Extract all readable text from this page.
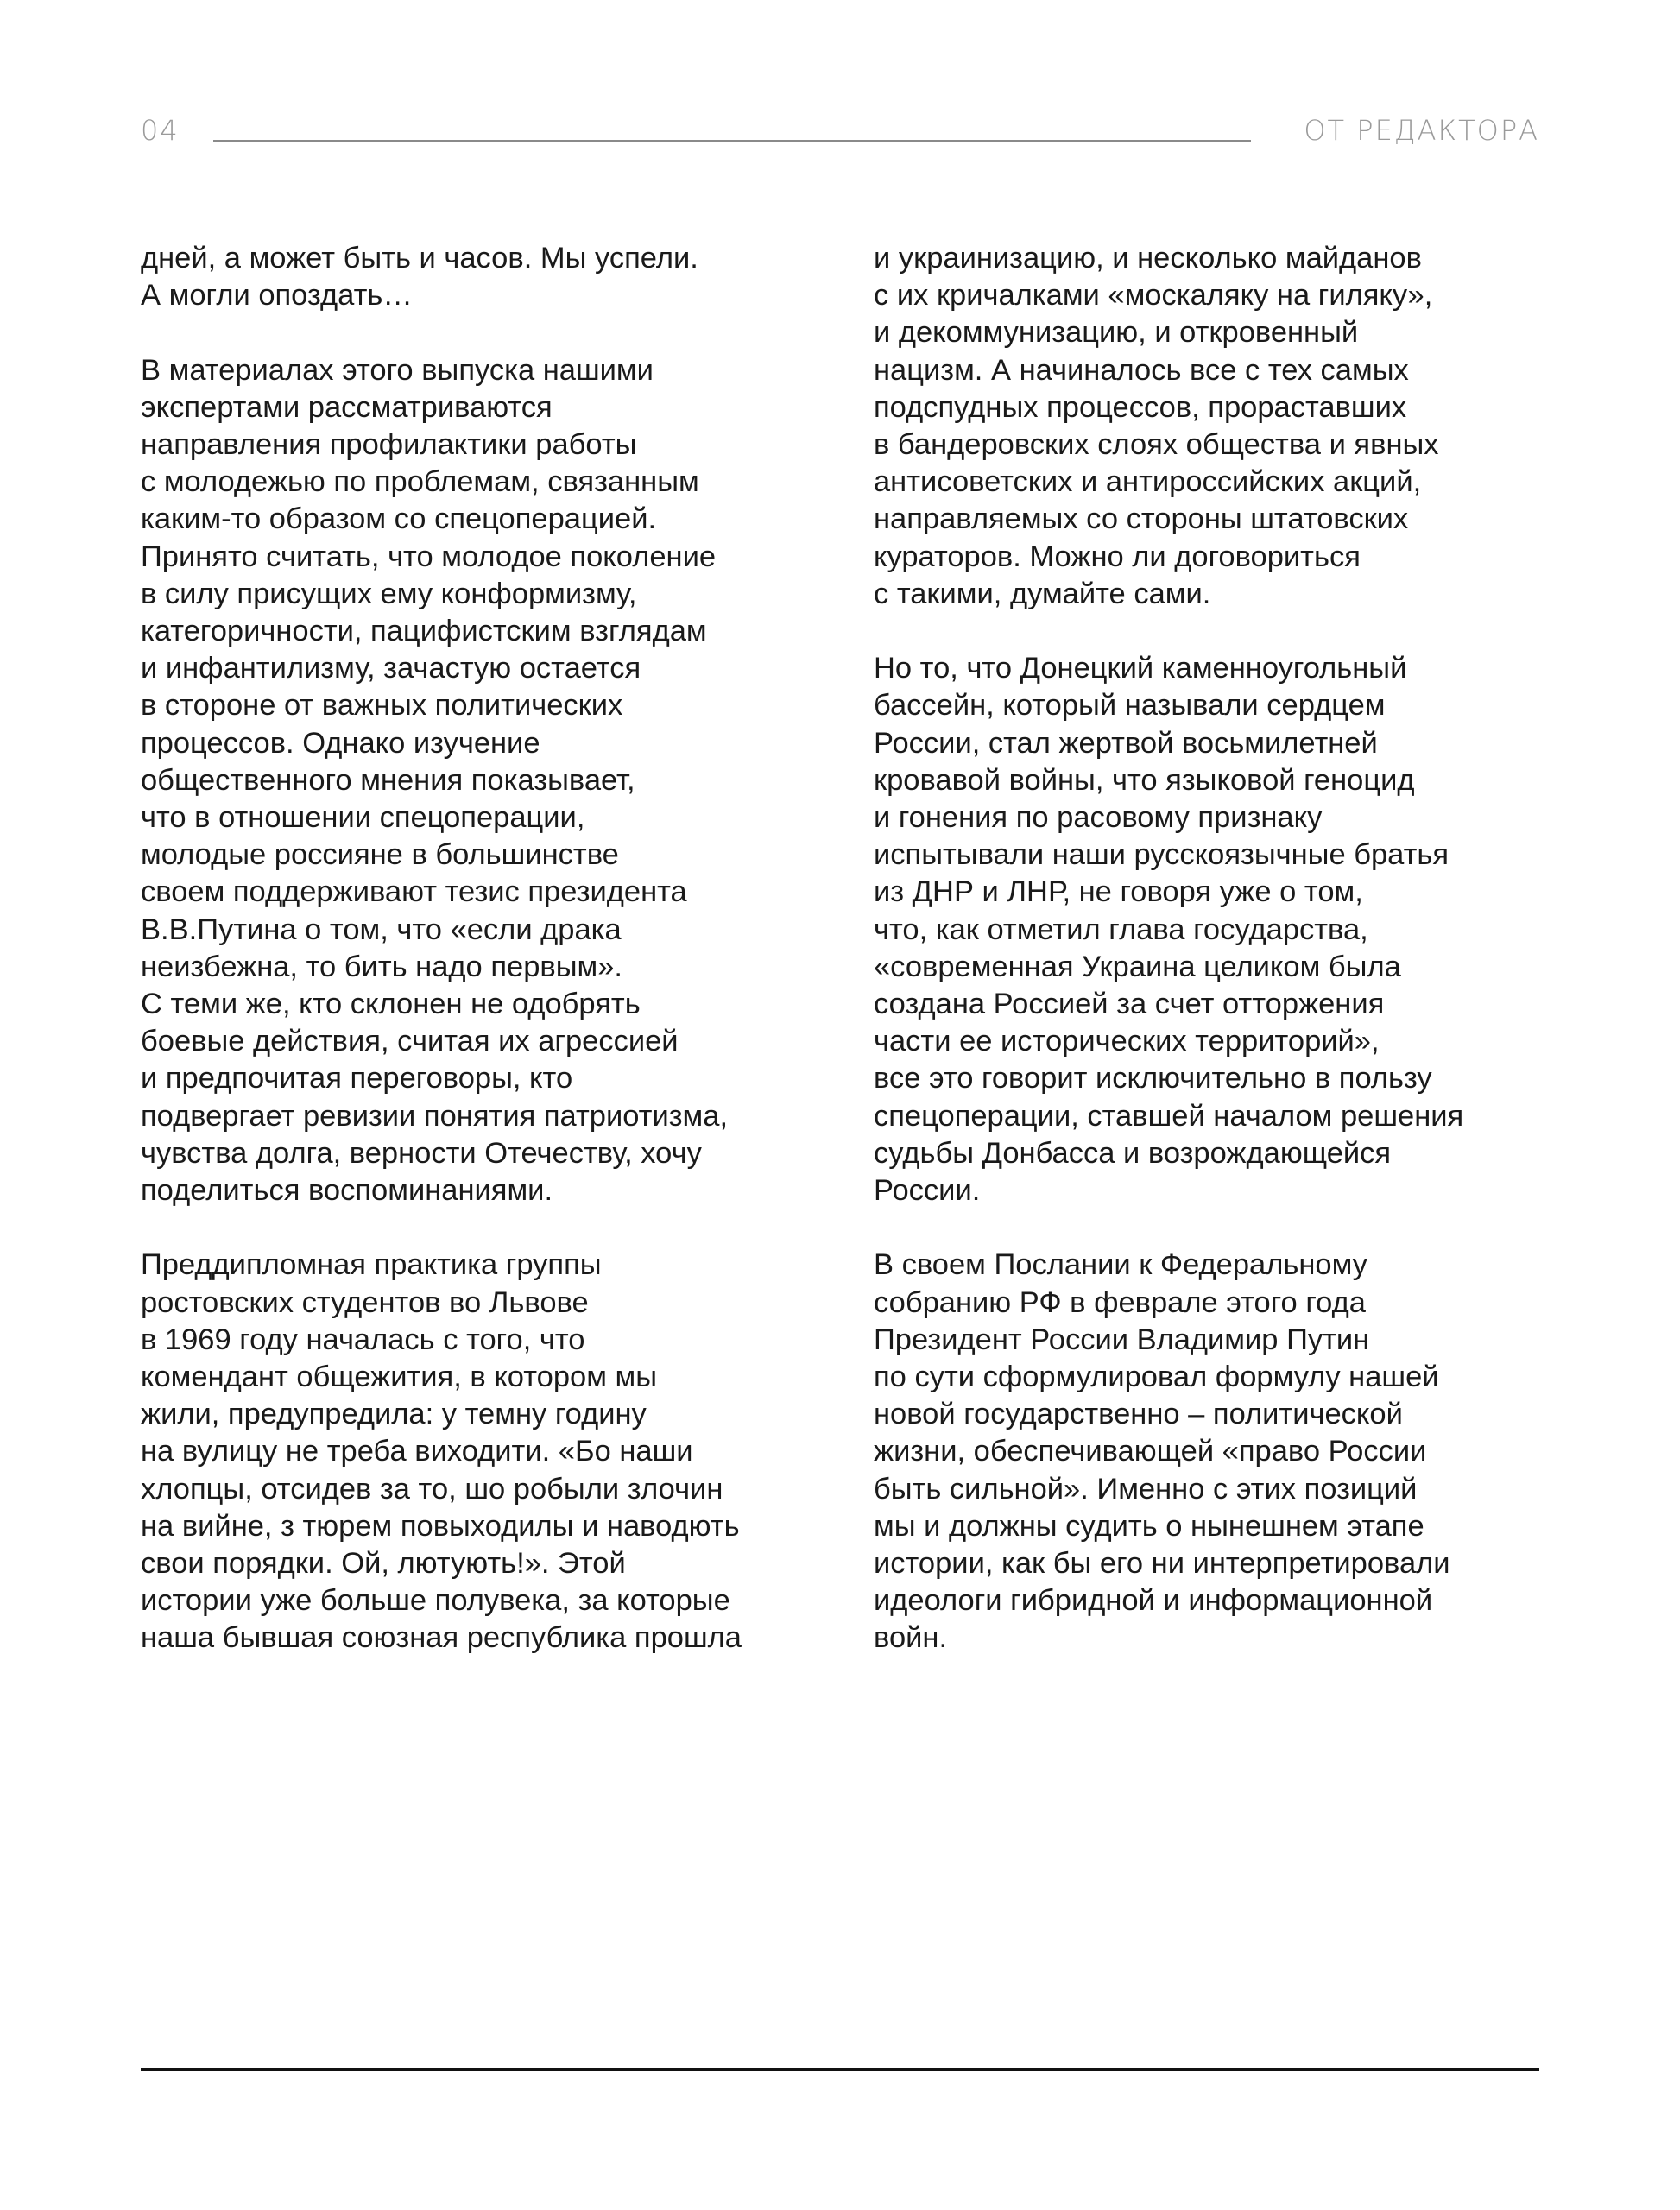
04	ОТ РЕДАКТОРА

дней, а может быть и часов. Мы успели.
А могли опоздать…

В материалах этого выпуска нашими
экспертами рассматриваются
направления профилактики работы
с молодежью по проблемам, связанным
каким-то образом со спецоперацией.
Принято считать, что молодое поколение
в силу присущих ему конформизму,
категоричности, пацифистским взглядам
и инфантилизму, зачастую остается
в стороне от важных политических
процессов. Однако изучение
общественного мнения показывает,
что в отношении спецоперации,
молодые россияне в большинстве
своем поддерживают тезис президента
В.В.Путина о том, что «если драка
неизбежна, то бить надо первым».
С теми же, кто склонен не одобрять
боевые действия, считая их агрессией
и предпочитая переговоры, кто
подвергает ревизии понятия патриотизма,
чувства долга, верности Отечеству, хочу
поделиться воспоминаниями.

Преддипломная практика группы
ростовских студентов во Львове
в 1969 году началась с того, что
комендант общежития, в котором мы
жили, предупредила: у темну годину
на вулицу не треба виходити. «Бо наши
хлопцы, отсидев за то, шо робыли злочин
на вийне, з тюрем повыходилы и наводють
свои порядки. Ой, лютують!». Этой
истории уже больше полувека, за которые
наша бывшая союзная республика прошла

и украинизацию, и несколько майданов
с их кричалками «москаляку на гиляку»,
и декоммунизацию, и откровенный
нацизм. А начиналось все с тех самых
подспудных процессов, прораставших
в бандеровских слоях общества и явных
антисоветских и антироссийских акций,
направляемых со стороны штатовских
кураторов. Можно ли договориться
с такими, думайте сами.

Но то, что Донецкий каменноугольный
бассейн, который называли сердцем
России, стал жертвой восьмилетней
кровавой войны, что языковой геноцид
и гонения по расовому признаку
испытывали наши русскоязычные братья
из ДНР и ЛНР, не говоря уже о том,
что, как отметил глава государства,
«современная Украина целиком была
создана Россией за счет отторжения
части ее исторических территорий»,
все это говорит исключительно в пользу
спецоперации, ставшей началом решения
судьбы Донбасса и возрождающейся
России.

В своем Послании к Федеральному
собранию РФ в феврале этого года
Президент России Владимир Путин
по сути сформулировал формулу нашей
новой государственно – политической
жизни, обеспечивающей «право России
быть сильной». Именно с этих позиций
мы и должны судить о нынешнем этапе
истории, как бы его ни интерпретировали
идеологи гибридной и информационной
войн.
